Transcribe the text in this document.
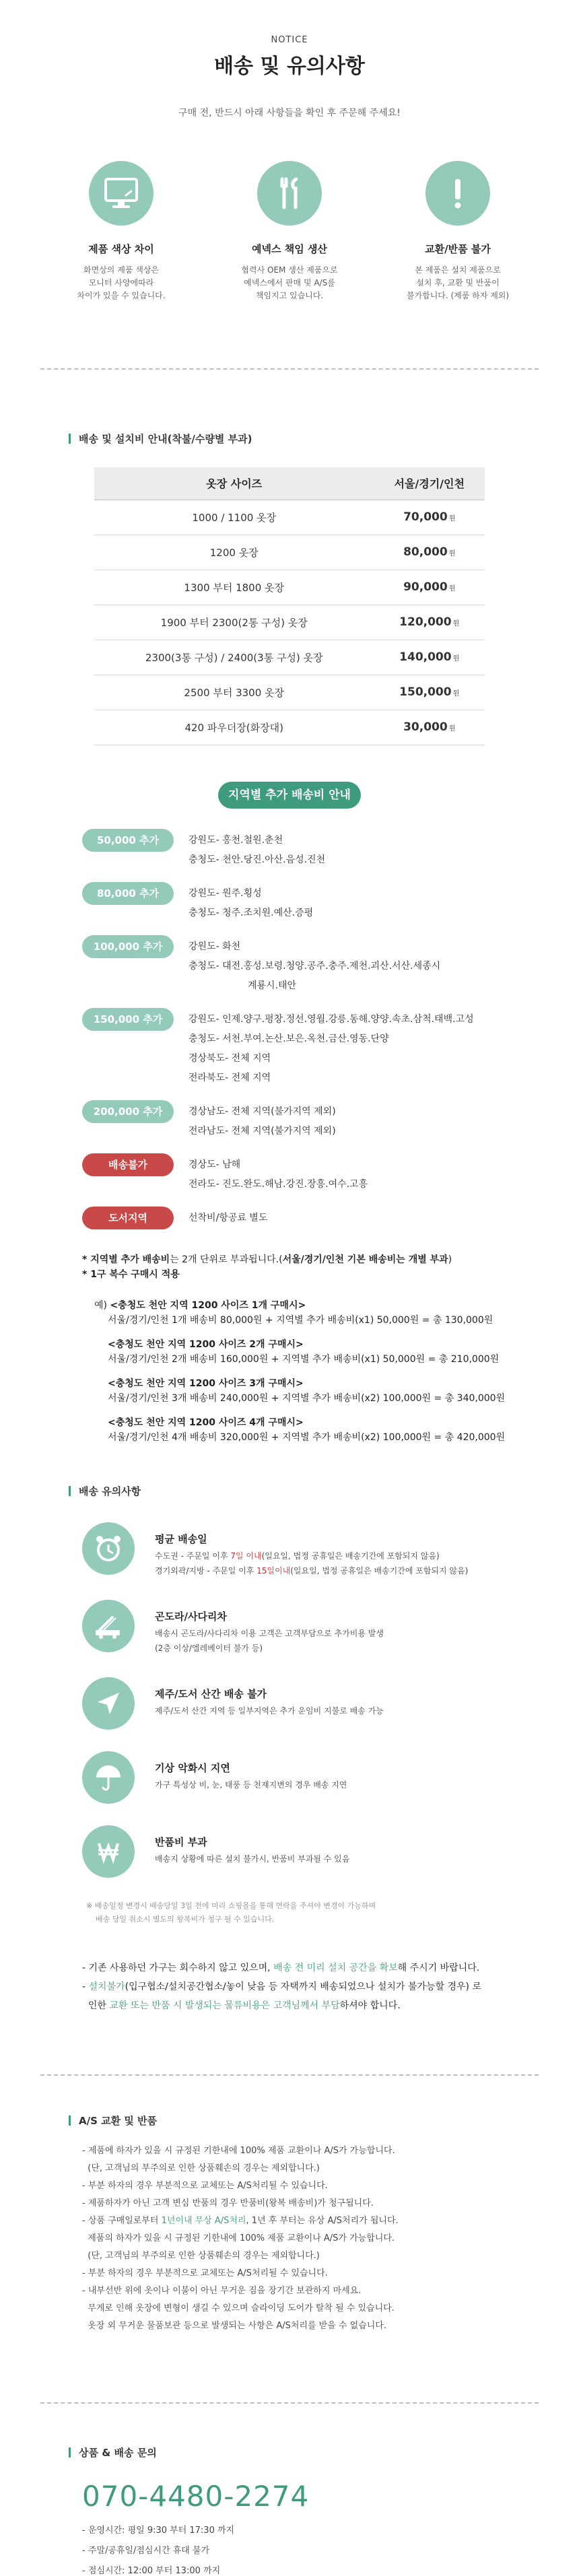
NOTICE
배송 및 유의사항
구매 전, 반드시 아래 사항들을 확인 후 주문해 주세요!
제품 색상 차이

화면상의 제품 색상은
모니터 사양에따라
차이가 있을 수 있습니다.

예넥스 책임 생산

협력사 OEM 생산 제품으로
예넥스에서 판매 및 A/S를
책임지고 있습니다.

교환/반품 불가

본 제품은 설치 제품으로
설치 후, 교환 및 반품이
불가합니다. (제품 하자 제외)

배송 및 설치비 안내(착불/수량별 부과)
옷장 사이즈	서울/경기/인천
1000 / 1100 옷장	70,000 원
1200 옷장	80,000 원
1300 부터 1800 옷장	90,000 원
1900 부터 2300(2통 구성) 옷장	120,000 원
2300(3통 구성) / 2400(3통 구성) 옷장	140,000 원
2500 부터 3300 옷장	150,000 원
420 파우더장(화장대)	30,000 원
지역별 추가 배송비 안내
50,000 추가	강원도- 홍천.철원.춘천
충청도- 천안.당진.아산.음성.진천
80,000 추가	강원도- 원주.횡성
충청도- 청주.조치원.예산.증평
100,000 추가	강원도- 화천
충청도- 대전.홍성.보령.청양.공주.충주.제천.괴산.서산.세종시
계룡시.태안
150,000 추가	강원도- 인제.양구.평창.정선.영월.강릉.동해.양양.속초.삼척.태백.고성
충청도- 서천.부여.논산.보은.옥천.금산.영동.단양
경상북도- 전체 지역
전라북도- 전체 지역
200,000 추가	경상남도- 전체 지역(불가지역 제외)
전라남도- 전체 지역(불가지역 제외)
배송불가	경상도- 남해
전라도- 진도.완도.해남.강진.장흥.여수.고흥
도서지역	선착비/항공료 별도
* 지역별 추가 배송비는 2개 단위로 부과됩니다.(서울/경기/인천 기본 배송비는 개별 부과)
* 1구 복수 구매시 적용
예) <충청도 천안 지역 1200 사이즈 1개 구매시>
서울/경기/인천 1개 배송비 80,000원 + 지역별 추가 배송비(x1) 50,000원 = 총 130,000원
<충청도 천안 지역 1200 사이즈 2개 구매시>
서울/경기/인천 2개 배송비 160,000원 + 지역별 추가 배송비(x1) 50,000원 = 총 210,000원
<충청도 천안 지역 1200 사이즈 3개 구매시>
서울/경기/인천 3개 배송비 240,000원 + 지역별 추가 배송비(x2) 100,000원 = 총 340,000원
<충청도 천안 지역 1200 사이즈 4개 구매시>
서울/경기/인천 4개 배송비 320,000원 + 지역별 추가 배송비(x2) 100,000원 = 총 420,000원
배송 유의사항
평균 배송일

수도권 - 주문일 이후 7일 이내(일요일, 법정 공휴일은 배송기간에 포함되지 않음)
경기외곽/지방 - 주문일 이후 15일이내(일요일, 법정 공휴일은 배송기간에 포함되지 않음)

곤도라/사다리차

배송시 곤도라/사다리차 이용 고객은 고객부담으로 추가비용 발생
(2층 이상/엘레베이터 불가 등)

제주/도서 산간 배송 불가

제주/도서 산간 지역 등 일부지역은 추가 운임비 지불로 배송 가능

기상 악화시 지연

가구 특성상 비, 눈, 태풍 등 천재지변의 경우 배송 지연

반품비 부과

배송지 상황에 따른 설치 불가시, 반품비 부과될 수 있음

※ 배송일정 변경시 배송당일 3일 전에 미리 쇼핑몰을 통해 연락을 주셔야 변경이 가능하며
배송 당일 취소시 별도의 왕복비가 청구 될 수 있습니다.
- 기존 사용하던 가구는 회수하지 않고 있으며, 배송 전 미리 설치 공간을 확보해 주시기 바랍니다.
- 설치불가(입구협소/설치공간협소/놓이 낮음 등 자택까지 배송되었으나 설치가 불가능할 경우) 로
인한 교환 또는 반품 시 발생되는 물류비용은 고객님께서 부담하셔야 합니다.
A/S 교환 및 반품
- 제품에 하자가 있을 시 규정된 기한내에 100% 제품 교환이나 A/S가 가능합니다.
(단, 고객님의 부주의로 인한 상품훼손의 경우는 제외합니다.)
- 부분 하자의 경우 부분적으로 교체또는 A/S처리될 수 있습니다.
- 제품하자가 아닌 고객 변심 반품의 경우 반품비(왕복 배송비)가 청구됩니다.
- 상품 구매일로부터 1년이내 무상 A/S처리, 1년 후 부터는 유상 A/S처리가 됩니다.
제품의 하자가 있을 시 규정된 기한내에 100% 제품 교환이나 A/S가 가능합니다.
(단, 고객님의 부주의로 인한 상품훼손의 경우는 제외합니다.)
- 부분 하자의 경우 부분적으로 교체또는 A/S처리될 수 있습니다.
- 내부선반 위에 옷이나 이불이 아닌 무거운 짐을 장기간 보관하지 마세요.
무게로 인해 옷장에 변형이 생길 수 있으며 슬라이딩 도어가 탈착 될 수 있습니다.
옷장 외 무거운 물품보관 등으로 발생되는 사항은 A/S처리를 받을 수 없습니다.
상품 & 배송 문의
070-4480-2274
- 운영시간: 평일 9:30 부터 17:30 까지
- 주말/공휴일/점심시간 휴대 불가
- 점심시간: 12:00 부터 13:00 까지
